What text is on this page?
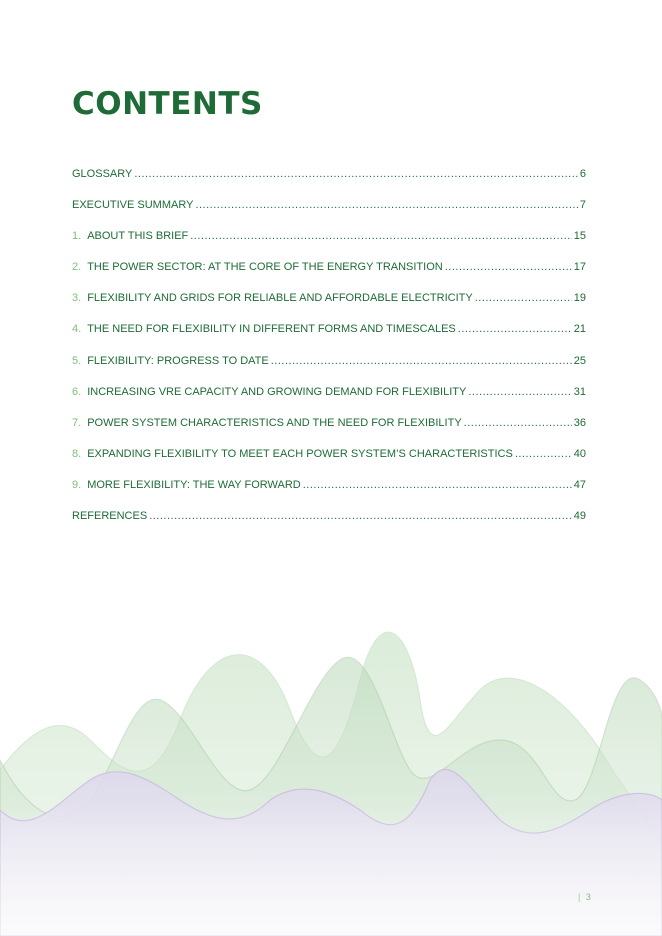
CONTENTS
GLOSSARY .....	6
EXECUTIVE SUMMARY .....	7
1. ABOUT THIS BRIEF .....	15
2. THE POWER SECTOR: AT THE CORE OF THE ENERGY TRANSITION .....	17
3. FLEXIBILITY AND GRIDS FOR RELIABLE AND AFFORDABLE ELECTRICITY .....	19
4. THE NEED FOR FLEXIBILITY IN DIFFERENT FORMS AND TIMESCALES .....	21
5. FLEXIBILITY: PROGRESS TO DATE .....	25
6. INCREASING VRE CAPACITY AND GROWING DEMAND FOR FLEXIBILITY .....	31
7. POWER SYSTEM CHARACTERISTICS AND THE NEED FOR FLEXIBILITY .....	36
8. EXPANDING FLEXIBILITY TO MEET EACH POWER SYSTEM’S CHARACTERISTICS .....	40
9. MORE FLEXIBILITY: THE WAY FORWARD .....	47
REFERENCES .....	49
| 3
